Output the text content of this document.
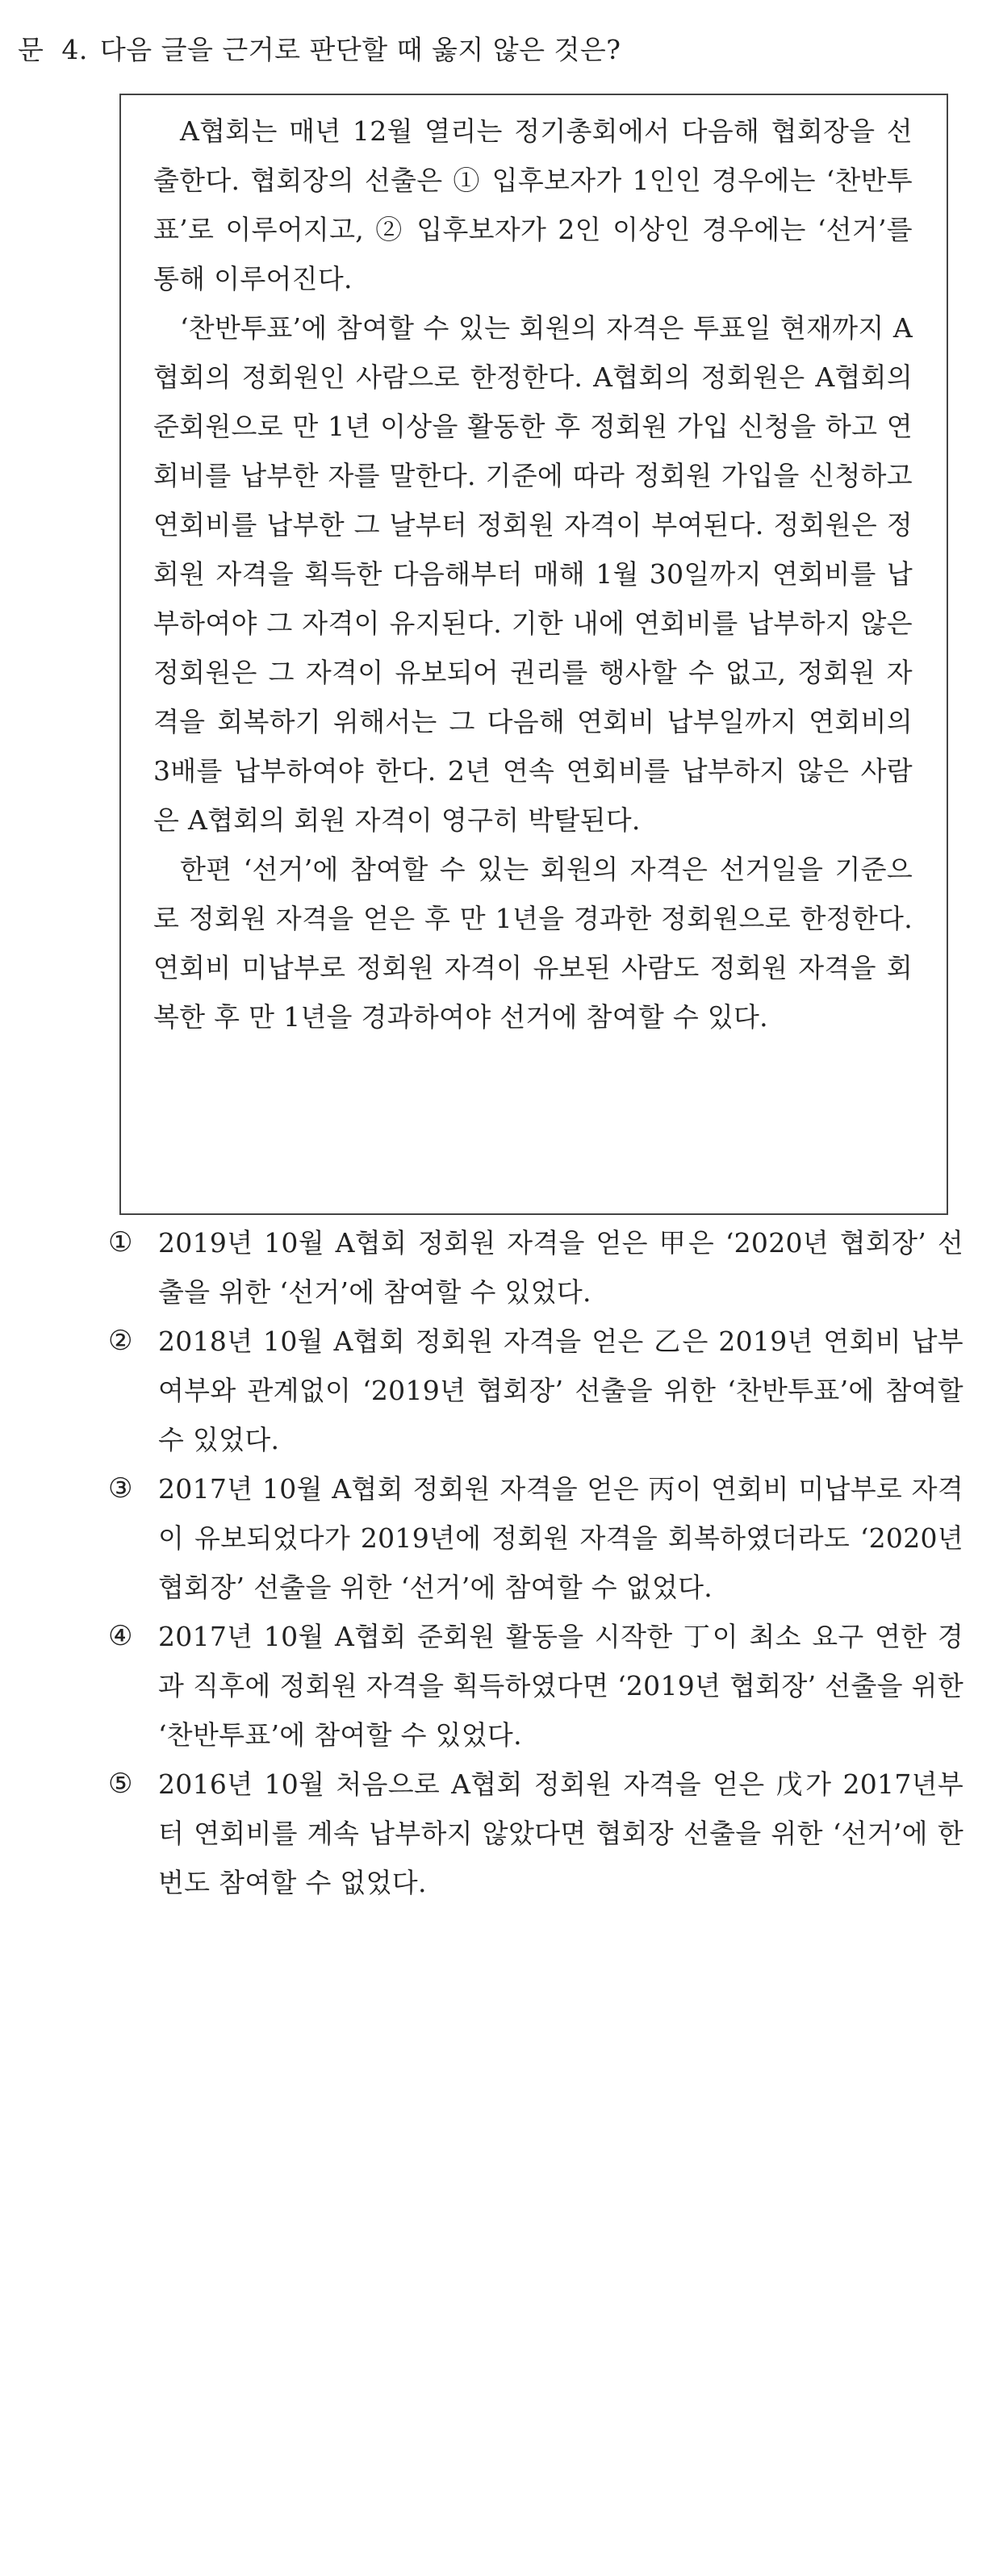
문 4. 다음 글을 근거로 판단할 때 옳지 않은 것은?

A협회는 매년 12월 열리는 정기총회에서 다음해 협회장을 선출한다. 협회장의 선출은 ① 입후보자가 1인인 경우에는 ‘찬반투표’로 이루어지고, ② 입후보자가 2인 이상인 경우에는 ‘선거’를 통해 이루어진다.

‘찬반투표’에 참여할 수 있는 회원의 자격은 투표일 현재까지 A협회의 정회원인 사람으로 한정한다. A협회의 정회원은 A협회의 준회원으로 만 1년 이상을 활동한 후 정회원 가입 신청을 하고 연회비를 납부한 자를 말한다. 기준에 따라 정회원 가입을 신청하고 연회비를 납부한 그 날부터 정회원 자격이 부여된다. 정회원은 정회원 자격을 획득한 다음해부터 매해 1월 30일까지 연회비를 납부하여야 그 자격이 유지된다. 기한 내에 연회비를 납부하지 않은 정회원은 그 자격이 유보되어 권리를 행사할 수 없고, 정회원 자격을 회복하기 위해서는 그 다음해 연회비 납부일까지 연회비의 3배를 납부하여야 한다. 2년 연속 연회비를 납부하지 않은 사람은 A협회의 회원 자격이 영구히 박탈된다.

한편 ‘선거’에 참여할 수 있는 회원의 자격은 선거일을 기준으로 정회원 자격을 얻은 후 만 1년을 경과한 정회원으로 한정한다. 연회비 미납부로 정회원 자격이 유보된 사람도 정회원 자격을 회복한 후 만 1년을 경과하여야 선거에 참여할 수 있다.

① 2019년 10월 A협회 정회원 자격을 얻은 甲은 ‘2020년 협회장’ 선출을 위한 ‘선거’에 참여할 수 있었다.
② 2018년 10월 A협회 정회원 자격을 얻은 乙은 2019년 연회비 납부 여부와 관계없이 ‘2019년 협회장’ 선출을 위한 ‘찬반투표’에 참여할 수 있었다.
③ 2017년 10월 A협회 정회원 자격을 얻은 丙이 연회비 미납부로 자격이 유보되었다가 2019년에 정회원 자격을 회복하였더라도 ‘2020년 협회장’ 선출을 위한 ‘선거’에 참여할 수 없었다.
④ 2017년 10월 A협회 준회원 활동을 시작한 丁이 최소 요구 연한 경과 직후에 정회원 자격을 획득하였다면 ‘2019년 협회장’ 선출을 위한 ‘찬반투표’에 참여할 수 있었다.
⑤ 2016년 10월 처음으로 A협회 정회원 자격을 얻은 戊가 2017년부터 연회비를 계속 납부하지 않았다면 협회장 선출을 위한 ‘선거’에 한 번도 참여할 수 없었다.
